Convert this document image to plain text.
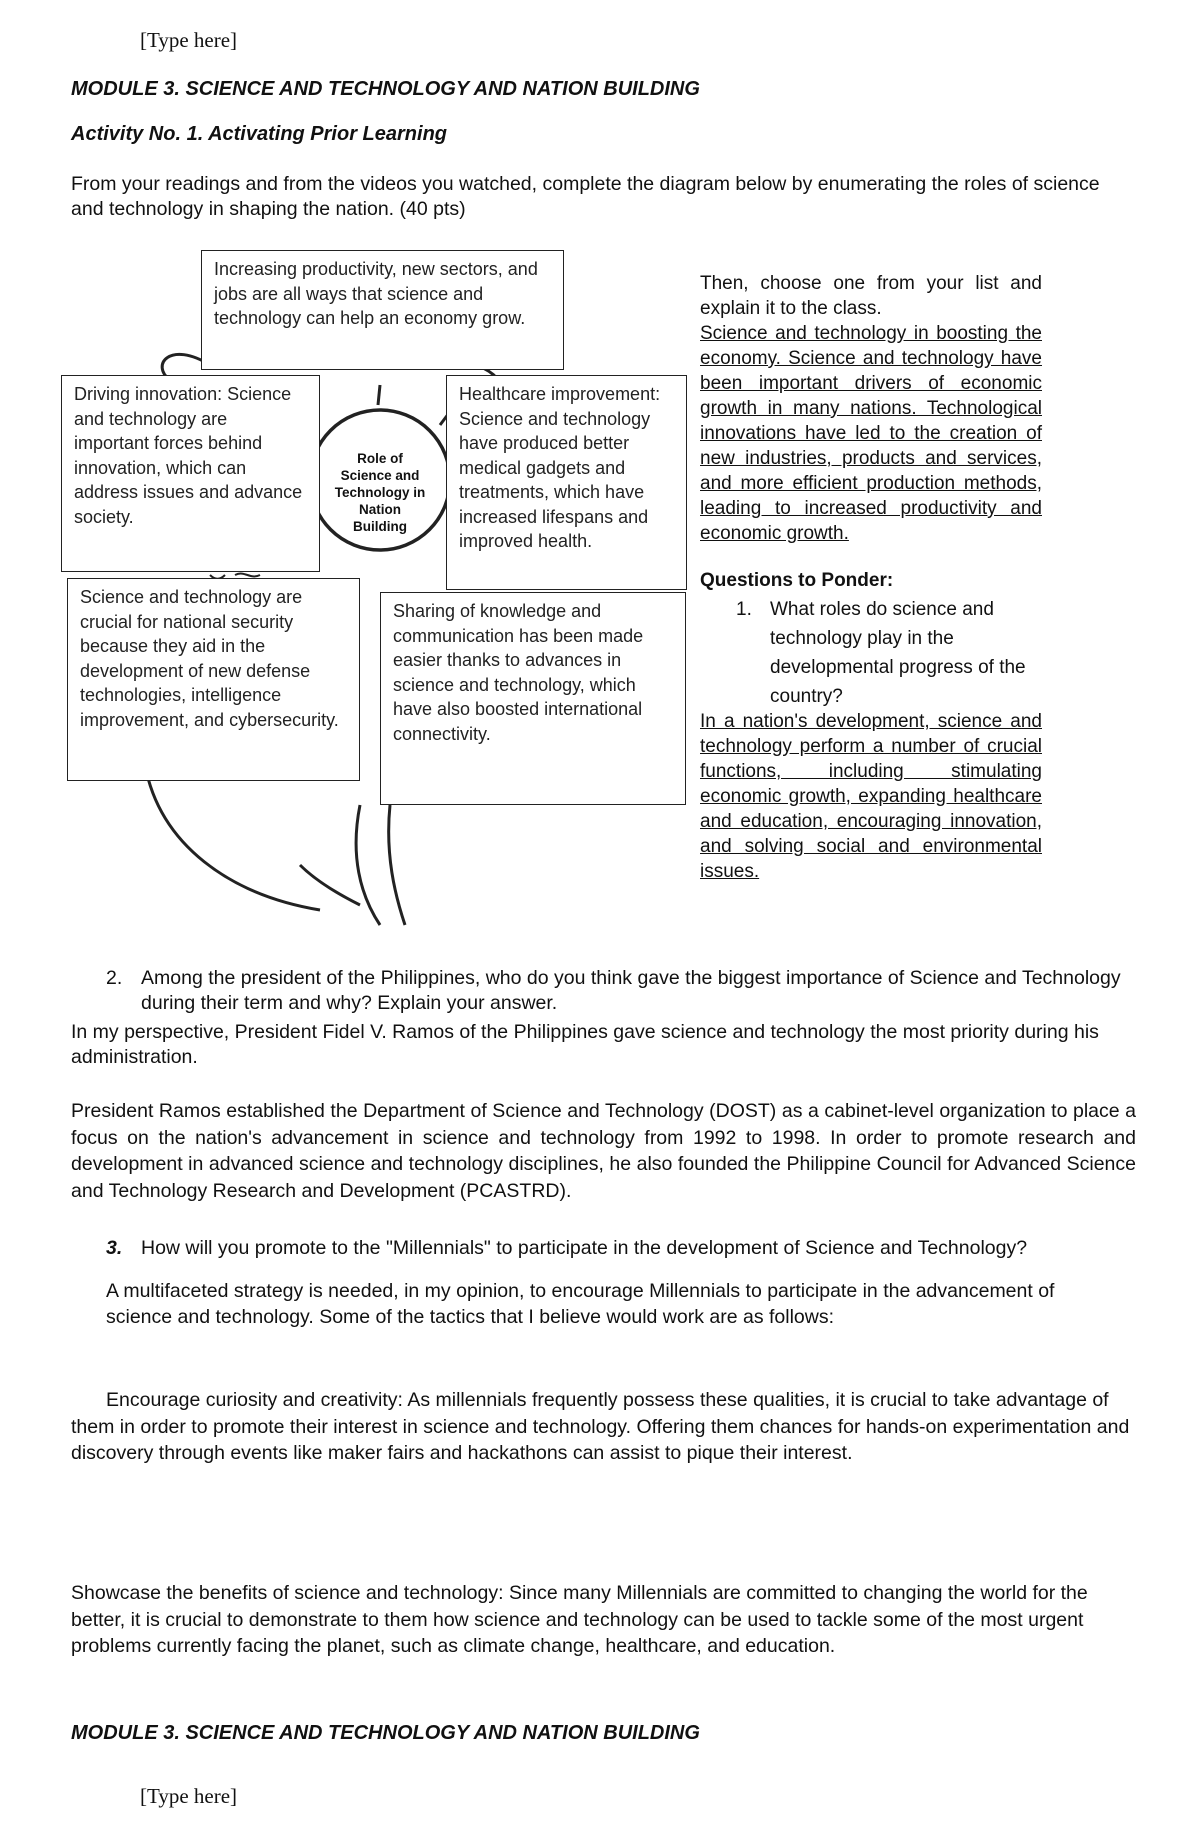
[Type here]
MODULE 3. SCIENCE AND TECHNOLOGY AND NATION BUILDING
Activity No. 1. Activating Prior Learning
From your readings and from the videos you watched, complete the diagram below by enumerating the roles of science and technology in shaping the nation. (40 pts)
Role of
Science and
Technology in
Nation
Building
Increasing productivity, new sectors, and jobs are all ways that science and technology can help an economy grow.
Driving innovation: Science and technology are important forces behind innovation, which can address issues and advance society.
Healthcare improvement: Science and technology have produced better medical gadgets and treatments, which have increased lifespans and improved health.
Science and technology are crucial for national security because they aid in the development of new defense technologies, intelligence improvement, and cybersecurity.
Sharing of knowledge and communication has been made easier thanks to advances in science and technology, which have also boosted international connectivity.
Then, choose one from your list and explain it to the class.
Science and technology in boosting the economy. Science and technology have been important drivers of economic growth in many nations. Technological innovations have led to the creation of new industries, products and services, and more efficient production methods, leading to increased productivity and economic growth.
Questions to Ponder:
1. What roles do science and technology play in the developmental progress of the country?
In a nation's development, science and technology perform a number of crucial functions, including stimulating economic growth, expanding healthcare and education, encouraging innovation, and solving social and environmental issues.
2. Among the president of the Philippines, who do you think gave the biggest importance of Science and Technology during their term and why? Explain your answer.
In my perspective, President Fidel V. Ramos of the Philippines gave science and technology the most priority during his administration.
President Ramos established the Department of Science and Technology (DOST) as a cabinet-level organization to place a focus on the nation's advancement in science and technology from 1992 to 1998. In order to promote research and development in advanced science and technology disciplines, he also founded the Philippine Council for Advanced Science and Technology Research and Development (PCASTRD).
3. How will you promote to the "Millennials" to participate in the development of Science and Technology?
A multifaceted strategy is needed, in my opinion, to encourage Millennials to participate in the advancement of science and technology. Some of the tactics that I believe would work are as follows:
Encourage curiosity and creativity: As millennials frequently possess these qualities, it is crucial to take advantage of them in order to promote their interest in science and technology. Offering them chances for hands-on experimentation and discovery through events like maker fairs and hackathons can assist to pique their interest.
Showcase the benefits of science and technology: Since many Millennials are committed to changing the world for the better, it is crucial to demonstrate to them how science and technology can be used to tackle some of the most urgent problems currently facing the planet, such as climate change, healthcare, and education.
MODULE 3. SCIENCE AND TECHNOLOGY AND NATION BUILDING
[Type here]
